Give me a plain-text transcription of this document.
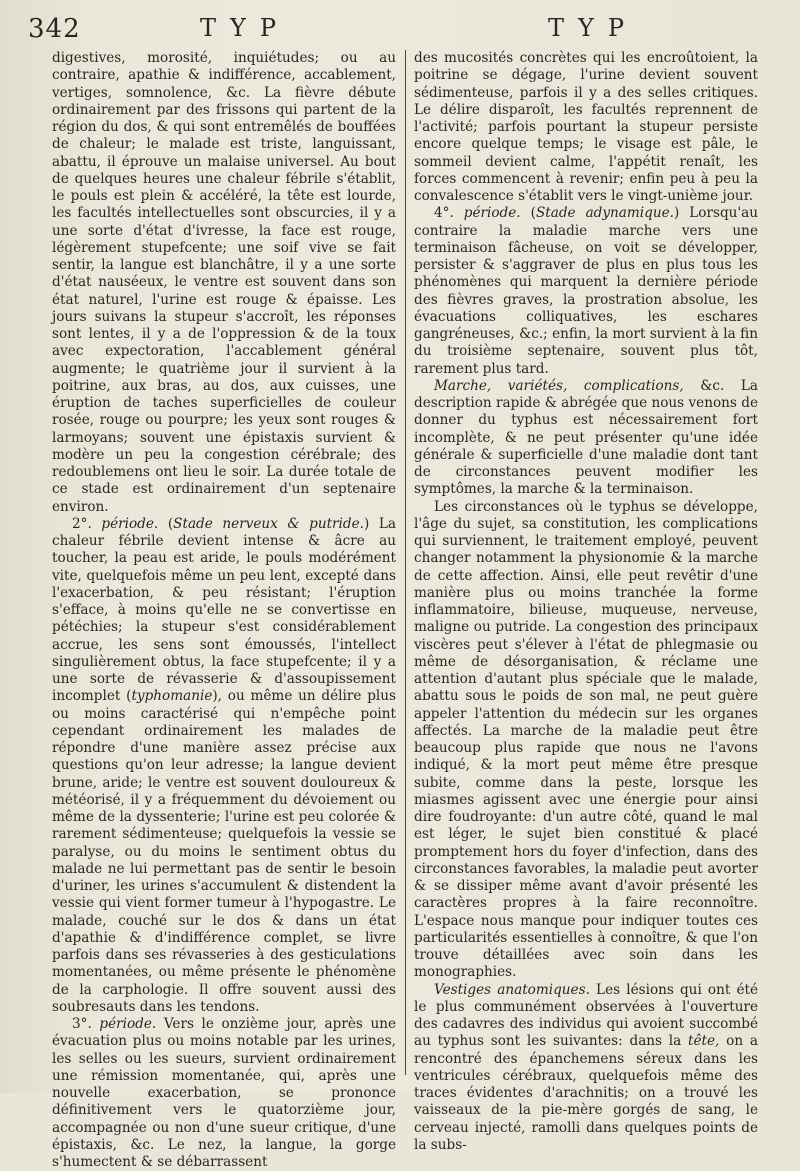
342	TYP	TYP

digestives, morosité, inquiétudes; ou au contraire, apathie & indifférence, accablement, vertiges, somnolence, &c. La fièvre débute ordinairement par des frissons qui partent de la région du dos, & qui sont entremêlés de bouffées de chaleur; le malade est triste, languissant, abattu, il éprouve un malaise universel. Au bout de quelques heures une chaleur fébrile s'établit, le pouls est plein & accéléré, la tête est lourde, les facultés intellectuelles sont obscurcies, il y a une sorte d'état d'ivresse, la face est rouge, légèrement stupefcente; une soif vive se fait sentir, la langue est blanchâtre, il y a une sorte d'état nauséeux, le ventre est souvent dans son état naturel, l'urine est rouge & épaisse. Les jours suivans la stupeur s'accroît, les réponses sont lentes, il y a de l'oppression & de la toux avec expectoration, l'accablement général augmente; le quatrième jour il survient à la poitrine, aux bras, au dos, aux cuisses, une éruption de taches superficielles de couleur rosée, rouge ou pourpre; les yeux sont rouges & larmoyans; souvent une épistaxis survient & modère un peu la congestion cérébrale; des redoublemens ont lieu le soir. La durée totale de ce stade est ordinairement d'un septenaire environ.

2°. période. (Stade nerveux & putride.) La chaleur fébrile devient intense & âcre au toucher, la peau est aride, le pouls modérément vite, quelquefois même un peu lent, excepté dans l'exacerbation, & peu résistant; l'éruption s'efface, à moins qu'elle ne se convertisse en pétéchies; la stupeur s'est considérablement accrue, les sens sont émoussés, l'intellect singulièrement obtus, la face stupefcente; il y a une sorte de révasserie & d'assoupissement incomplet (typhomanie), ou même un délire plus ou moins caractérisé qui n'empêche point cependant ordinairement les malades de répondre d'une manière assez précise aux questions qu'on leur adresse; la langue devient brune, aride; le ventre est souvent douloureux & météorisé, il y a fréquemment du dévoiement ou même de la dyssenterie; l'urine est peu colorée & rarement sédimenteuse; quelquefois la vessie se paralyse, ou du moins le sentiment obtus du malade ne lui permettant pas de sentir le besoin d'uriner, les urines s'accumulent & distendent la vessie qui vient former tumeur à l'hypogastre. Le malade, couché sur le dos & dans un état d'apathie & d'indifférence complet, se livre parfois dans ses révasseries à des gesticulations momentanées, ou même présente le phénomène de la carphologie. Il offre souvent aussi des soubresauts dans les tendons.

3°. période. Vers le onzième jour, après une évacuation plus ou moins notable par les urines, les selles ou les sueurs, survient ordinairement une rémission momentanée, qui, après une nouvelle exacerbation, se prononce définitivement vers le quatorzième jour, accompagnée ou non d'une sueur critique, d'une épistaxis, &c. Le nez, la langue, la gorge s'humectent & se débarrassent

des mucosités concrètes qui les encroûtoient, la poitrine se dégage, l'urine devient souvent sédimenteuse, parfois il y a des selles critiques. Le délire disparoît, les facultés reprennent de l'activité; parfois pourtant la stupeur persiste encore quelque temps; le visage est pâle, le sommeil devient calme, l'appétit renaît, les forces commencent à revenir; enfin peu à peu la convalescence s'établit vers le vingt-unième jour.

4°. période. (Stade adynamique.) Lorsqu'au contraire la maladie marche vers une terminaison fâcheuse, on voit se développer, persister & s'aggraver de plus en plus tous les phénomènes qui marquent la dernière période des fièvres graves, la prostration absolue, les évacuations colliquatives, les eschares gangréneuses, &c.; enfin, la mort survient à la fin du troisième septenaire, souvent plus tôt, rarement plus tard.

Marche, variétés, complications, &c. La description rapide & abrégée que nous venons de donner du typhus est nécessairement fort incomplète, & ne peut présenter qu'une idée générale & superficielle d'une maladie dont tant de circonstances peuvent modifier les symptômes, la marche & la terminaison.

Les circonstances où le typhus se développe, l'âge du sujet, sa constitution, les complications qui surviennent, le traitement employé, peuvent changer notamment la physionomie & la marche de cette affection. Ainsi, elle peut revêtir d'une manière plus ou moins tranchée la forme inflammatoire, bilieuse, muqueuse, nerveuse, maligne ou putride. La congestion des principaux viscères peut s'élever à l'état de phlegmasie ou même de désorganisation, & réclame une attention d'autant plus spéciale que le malade, abattu sous le poids de son mal, ne peut guère appeler l'attention du médecin sur les organes affectés. La marche de la maladie peut être beaucoup plus rapide que nous ne l'avons indiqué, & la mort peut même être presque subite, comme dans la peste, lorsque les miasmes agissent avec une énergie pour ainsi dire foudroyante: d'un autre côté, quand le mal est léger, le sujet bien constitué & placé promptement hors du foyer d'infection, dans des circonstances favorables, la maladie peut avorter & se dissiper même avant d'avoir présenté les caractères propres à la faire reconnoître. L'espace nous manque pour indiquer toutes ces particularités essentielles à connoître, & que l'on trouve détaillées avec soin dans les monographies.

Vestiges anatomiques. Les lésions qui ont été le plus communément observées à l'ouverture des cadavres des individus qui avoient succombé au typhus sont les suivantes: dans la tête, on a rencontré des épanchemens séreux dans les ventricules cérébraux, quelquefois même des traces évidentes d'arachnitis; on a trouvé les vaisseaux de la pie-mère gorgés de sang, le cerveau injecté, ramolli dans quelques points de la subs-
